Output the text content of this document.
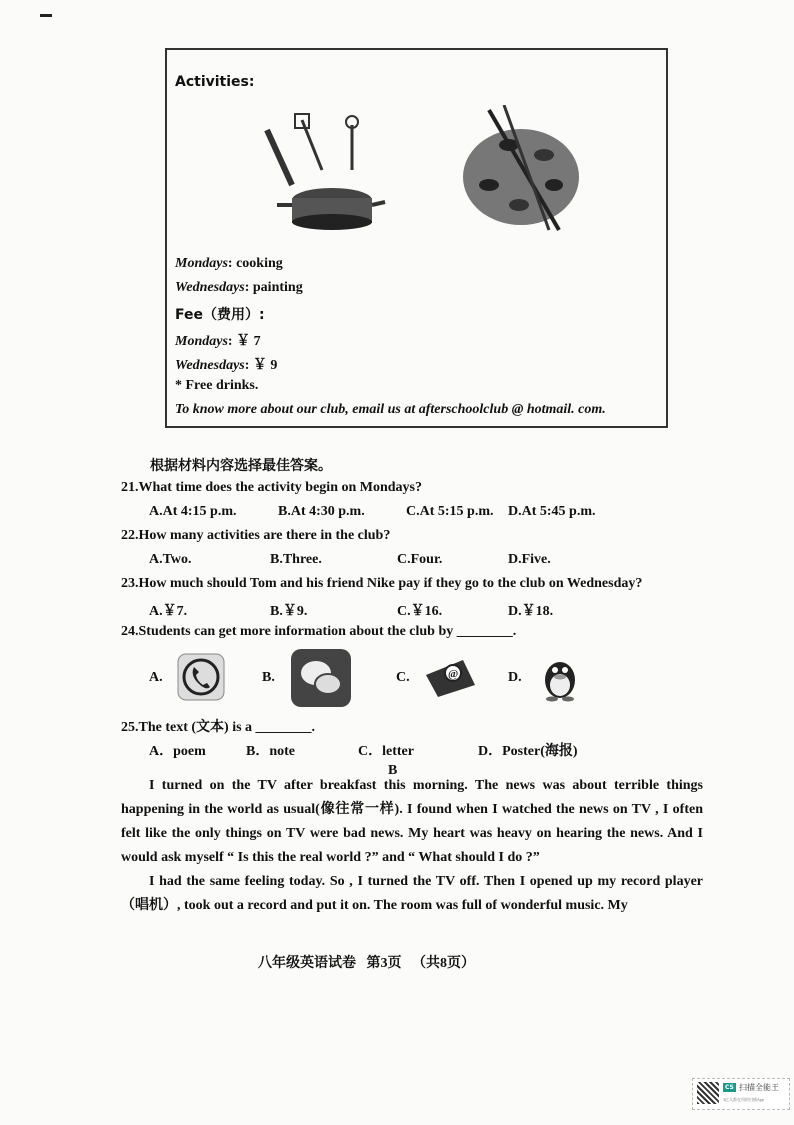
Activities:
Mondays: cooking
Wednesdays: painting
Fee（费用）:
Mondays: ￥ 7
Wednesdays: ￥ 9
* Free drinks.
To know more about our club, email us at afterschoolclub @ hotmail. com.
根据材料内容选择最佳答案。
21.What time does the activity begin on Mondays?
A.At 4:15 p.m.	B.At 4:30 p.m.	C.At 5:15 p.m. D.At 5:45 p.m.
22.How many activities are there in the club?
A.Two.	B.Three.	C.Four.	D.Five.
23.How much should Tom and his friend Nike pay if they go to the club on Wednesday?
A.￥7.	B.￥9.	C.￥16.	D.￥18.
24.Students can get more information about the club by ________.
A.	B.	C.	@	D.
25.The text (文本) is a ________.
A．poem	B．note	C．letter	D．Poster(海报)
B

I turned on the TV after breakfast this morning. The news was about terrible things happening in the world as usual(像往常一样). I found when I watched the news on TV , I often felt like the only things on TV were bad news. My heart was heavy on hearing the news. And I would ask myself “ Is this the real world ?” and “ What should I do ?”

I had the same feeling today. So , I turned the TV off. Then I opened up my record player （唱机）, took out a record and put it on. The room was full of wonderful music. My

八年级英语试卷   第3页   （共8页）
CS 扫描全能王
3亿人都在用的扫描App
